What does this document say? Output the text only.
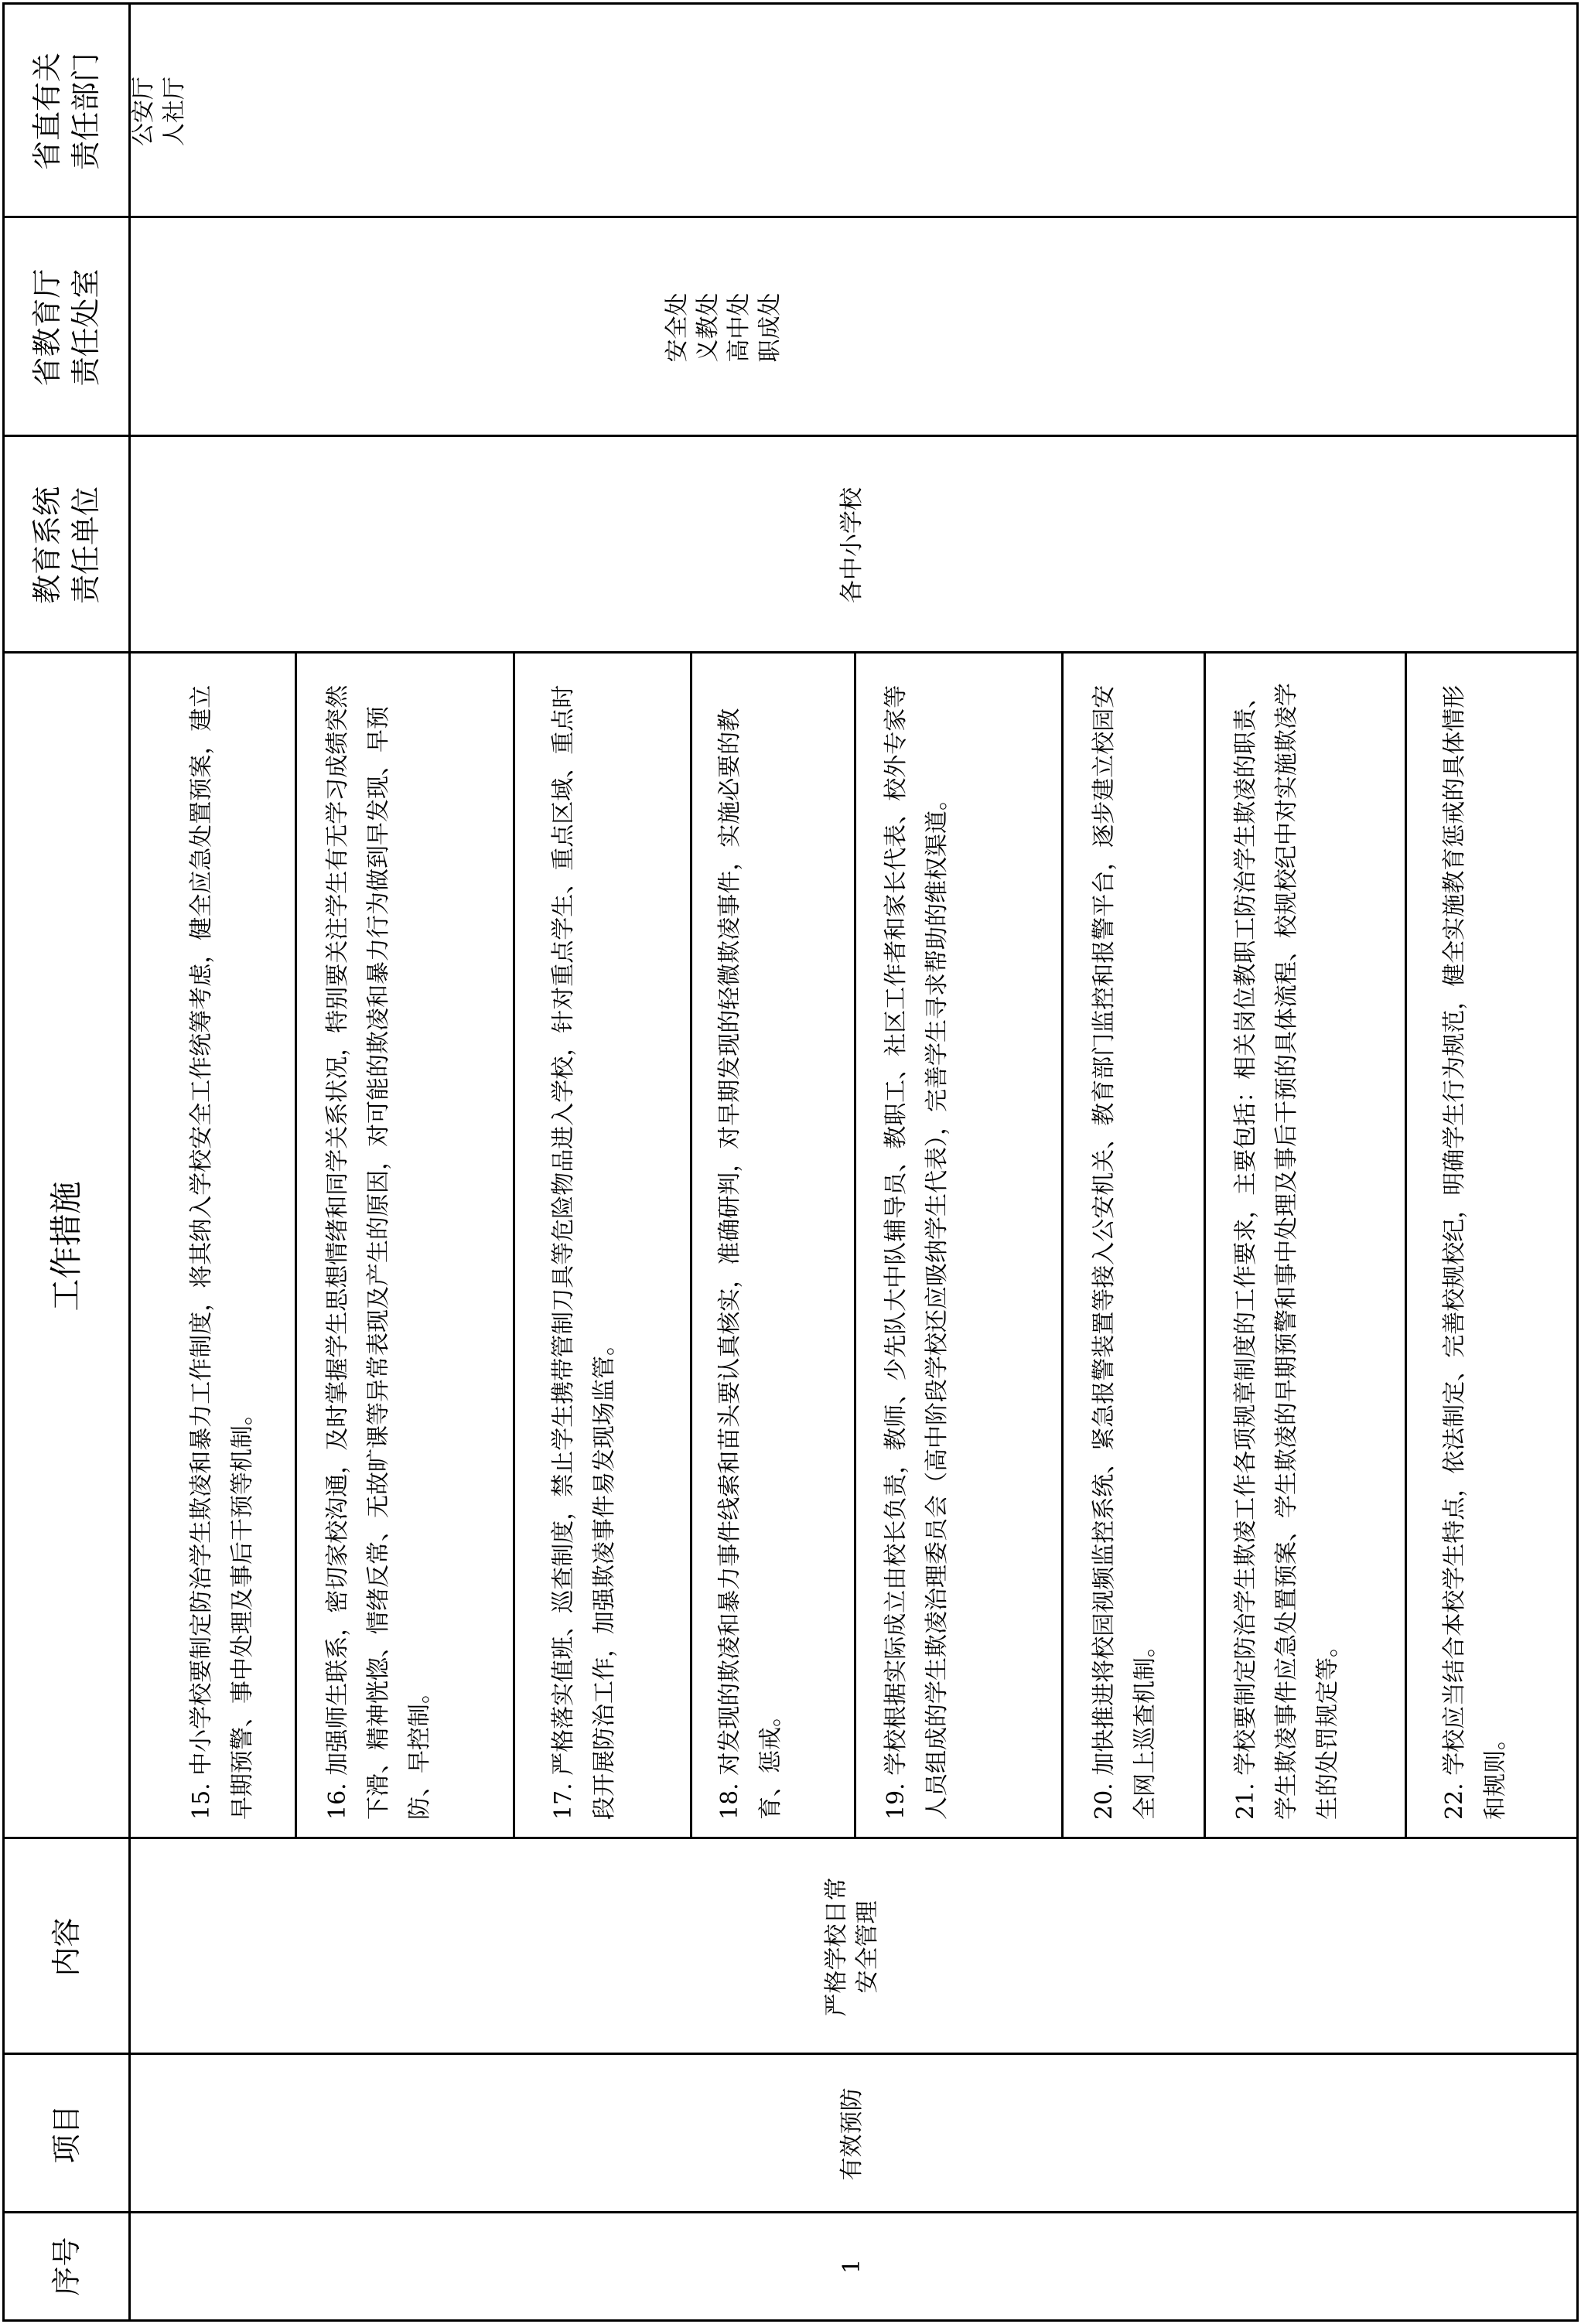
序号
项目
内容
工作措施
教育系统 责任单位
省教育厅 责任处室
省直有关 责任部门
1
有效预防
严格学校日常 安全管理
各中小学校
安全处 义教处 高中处 职成处
公安厅 人社厅
15. 中小学校要制定防治学生欺凌和暴力工作制度，将其纳入学校安全工作统筹考虑，健全应急处置预案，建立早期预警、事中处理及事后干预等机制。	16. 加强师生联系，密切家校沟通，及时掌握学生思想情绪和同学关系状况，特别要关注学生有无学习成绩突然下滑、精神恍惚、情绪反常、无故旷课等异常表现及产生的原因，对可能的欺凌和暴力行为做到早发现、早预防、早控制。	17. 严格落实值班、巡查制度，禁止学生携带管制刀具等危险物品进入学校，针对重点学生、重点区域、重点时段开展防治工作，加强欺凌事件易发现场监管。	18. 对发现的欺凌和暴力事件线索和苗头要认真核实，准确研判，对早期发现的轻微欺凌事件，实施必要的教育、惩戒。	19. 学校根据实际成立由校长负责，教师、少先队大中队辅导员、教职工、社区工作者和家长代表、校外专家等人员组成的学生欺凌治理委员会（高中阶段学校还应吸纳学生代表），完善学生寻求帮助的维权渠道。	20. 加快推进将校园视频监控系统、紧急报警装置等接入公安机关、教育部门监控和报警平台，逐步建立校园安全网上巡查机制。	21. 学校要制定防治学生欺凌工作各项规章制度的工作要求，主要包括：相关岗位教职工防治学生欺凌的职责、学生欺凌事件应急处置预案、学生欺凌的早期预警和事中处理及事后干预的具体流程、校规校纪中对实施欺凌学生的处罚规定等。	22. 学校应当结合本校学生特点，依法制定、完善校规校纪，明确学生行为规范，健全实施教育惩戒的具体情形和规则。
